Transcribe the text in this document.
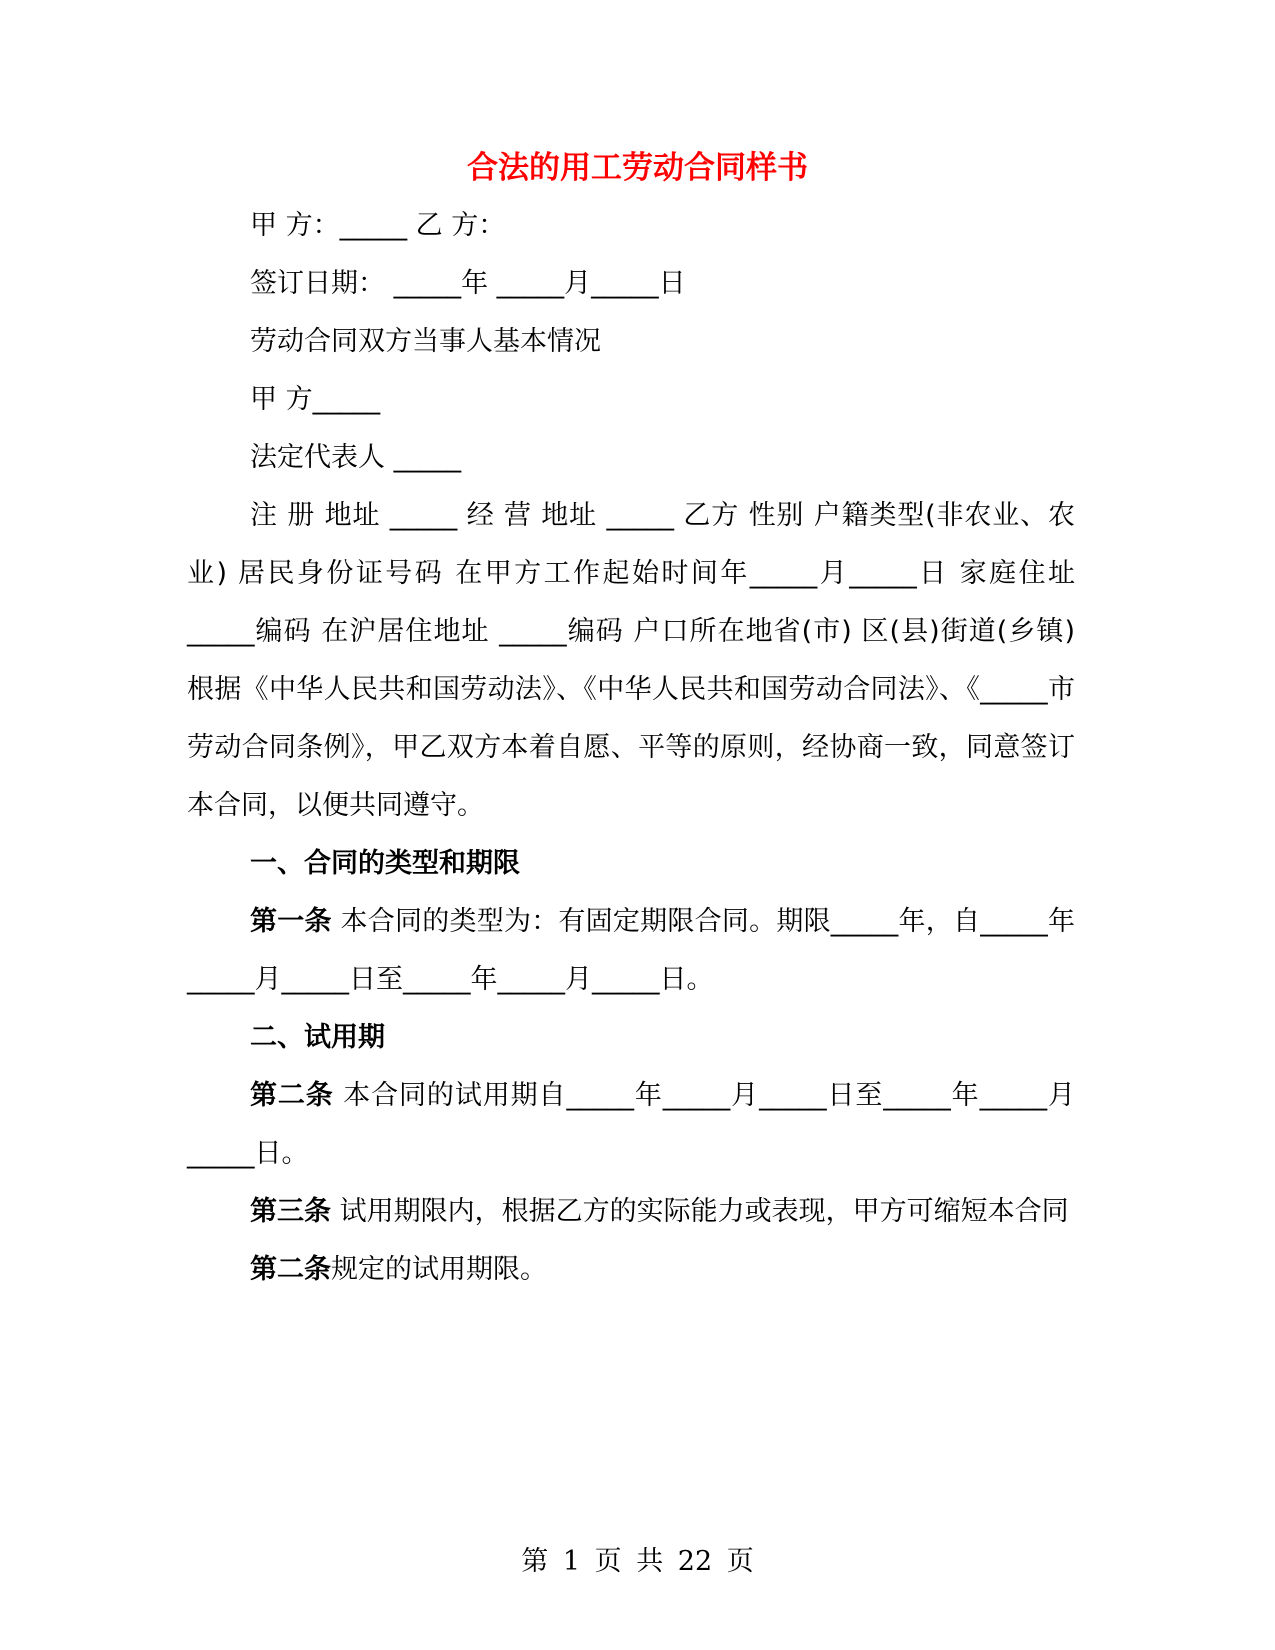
合法的用工劳动合同样书

甲 方：_____ 乙 方：

签订日期： _____年 _____月_____日

劳动合同双方当事人基本情况

甲 方_____

法定代表人 _____

注 册 地址 _____ 经 营 地址 _____ 乙方 性别 户籍类型(非农业、农业) 居民身份证号码 在甲方工作起始时间年_____月_____日 家庭住址 _____编码 在沪居住地址 _____编码 户口所在地省(市) 区(县)街道(乡镇) 根据《中华人民共和国劳动法》、《中华人民共和国劳动合同法》、《_____市劳动合同条例》，甲乙双方本着自愿、平等的原则，经协商一致，同意签订本合同，以便共同遵守。

一、合同的类型和期限

第一条 本合同的类型为：有固定期限合同。期限_____年，自_____年_____月_____日至_____年_____月_____日。

二、试用期

第二条 本合同的试用期自_____年_____月_____日至_____年_____月_____日。

第三条 试用期限内，根据乙方的实际能力或表现，甲方可缩短本合同

第二条规定的试用期限。

第 1 页 共 22 页
